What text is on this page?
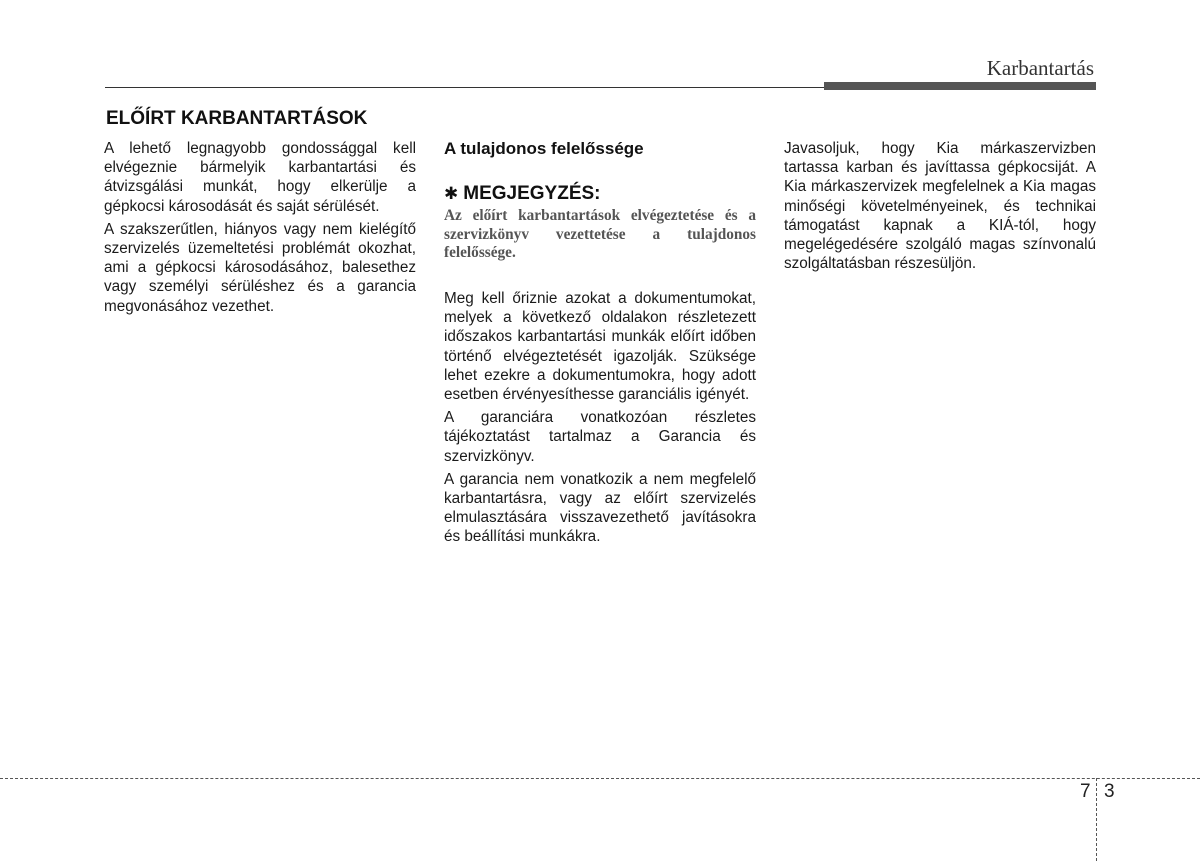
Karbantartás
ELŐÍRT KARBANTARTÁSOK

A lehető legnagyobb gondossággal kell elvégeznie bármelyik karbantartási és átvizsgálási munkát, hogy elkerülje a gépkocsi károsodását és saját sérülését.

A szakszerűtlen, hiányos vagy nem kielégítő szervizelés üzemeltetési problémát okozhat, ami a gépkocsi károsodásához, balesethez vagy személyi sérüléshez és a garancia megvonásához vezethet.

A tulajdonos felelőssége
✱ MEGJEGYZÉS:
Az előírt karbantartások elvégeztetése és a szervizkönyv vezettetése a tulajdonos felelőssége.

Meg kell őriznie azokat a dokumentumokat, melyek a következő oldalakon részletezett időszakos karbantartási munkák előírt időben történő elvégeztetését igazolják. Szüksége lehet ezekre a dokumentumokra, hogy adott esetben érvényesíthesse garanciális igényét.

A garanciára vonatkozóan részletes tájékoztatást tartalmaz a Garancia és szervizkönyv.

A garancia nem vonatkozik a nem megfelelő karbantartásra, vagy az előírt szervizelés elmulasztására visszavezethető javításokra és beállítási munkákra.

Javasoljuk, hogy Kia márkaszervizben tartassa karban és javíttassa gépkocsiját. A Kia márkaszervizek megfelelnek a Kia magas minőségi követelményeinek, és technikai támogatást kapnak a KIÁ-tól, hogy megelégedésére szolgáló magas színvonalú szolgáltatásban részesüljön.

7 3
